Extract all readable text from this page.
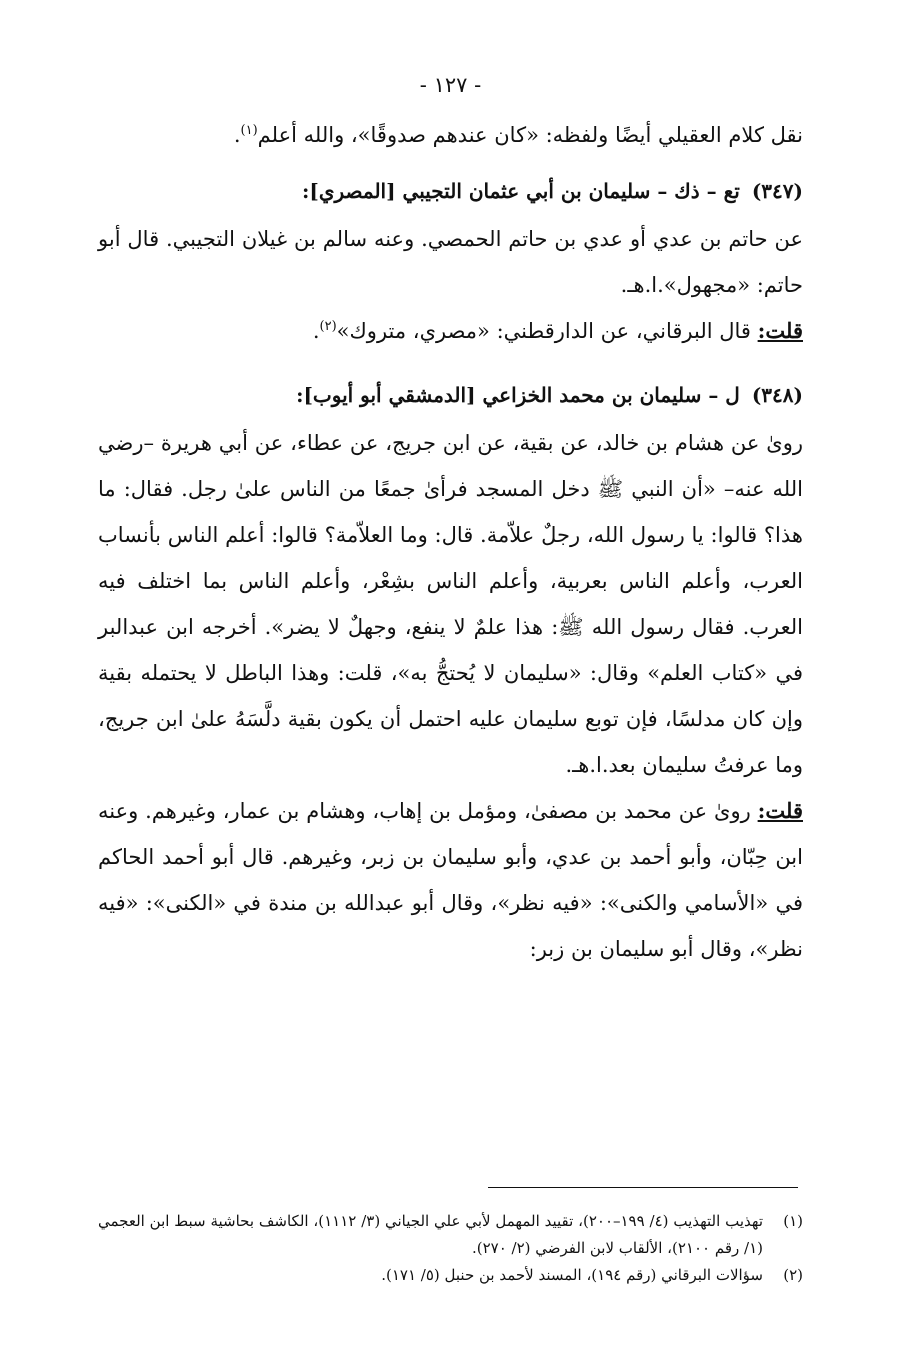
- ١٢٧ -

نقل كلام العقيلي أيضًا ولفظه: «كان عندهم صدوقًا»، والله أعلم$^{(١)}$.

(٣٤٧)
تع – ذك – سليمان بن أبي عثمان التجيبي [المصري]:

عن حاتم بن عدي أو عدي بن حاتم الحمصي. وعنه سالم بن غيلان التجيبي. قال أبو حاتم: «مجهول».ا.هـ.

قلت: قال البرقاني، عن الدارقطني: «مصري، متروك»$^{(٢)}$.

(٣٤٨)
ل – سليمان بن محمد الخزاعي [الدمشقي أبو أيوب]:

روىٰ عن هشام بن خالد، عن بقية، عن ابن جريج، عن عطاء، عن أبي هريرة –رضي الله عنه– «أن النبي ﷺ دخل المسجد فرأىٰ جمعًا من الناس علىٰ رجل. فقال: ما هذا؟ قالوا: يا رسول الله، رجلٌ علاّمة. قال: وما العلاّمة؟ قالوا: أعلم الناس بأنساب العرب، وأعلم الناس بعربية، وأعلم الناس بشِعْر، وأعلم الناس بما اختلف فيه العرب. فقال رسول الله ﷺ: هذا علمٌ لا ينفع، وجهلٌ لا يضر». أخرجه ابن عبدالبر في «كتاب العلم» وقال: «سليمان لا يُحتجُّ به»، قلت: وهذا الباطل لا يحتمله بقية وإن كان مدلسًا، فإن توبع سليمان عليه احتمل أن يكون بقية دلَّسَهُ علىٰ ابن جريج، وما عرفتُ سليمان بعد.ا.هـ.

قلت: روىٰ عن محمد بن مصفىٰ، ومؤمل بن إهاب، وهشام بن عمار، وغيرهم. وعنه ابن حِبّان، وأبو أحمد بن عدي، وأبو سليمان بن زبر، وغيرهم. قال أبو أحمد الحاكم في «الأسامي والكنى»: «فيه نظر»، وقال أبو عبدالله بن مندة في «الكنى»: «فيه نظر»، وقال أبو سليمان بن زبر:

(١)
تهذيب التهذيب (٤/ ١٩٩–٢٠٠)، تقييد المهمل لأبي علي الجياني (٣/ ١١١٢)، الكاشف بحاشية سبط ابن العجمي (١/ رقم ٢١٠٠)، الألقاب لابن الفرضي (٢/ ٢٧٠).

(٢)
سؤالات البرقاني (رقم ١٩٤)، المسند لأحمد بن حنبل (٥/ ١٧١).
